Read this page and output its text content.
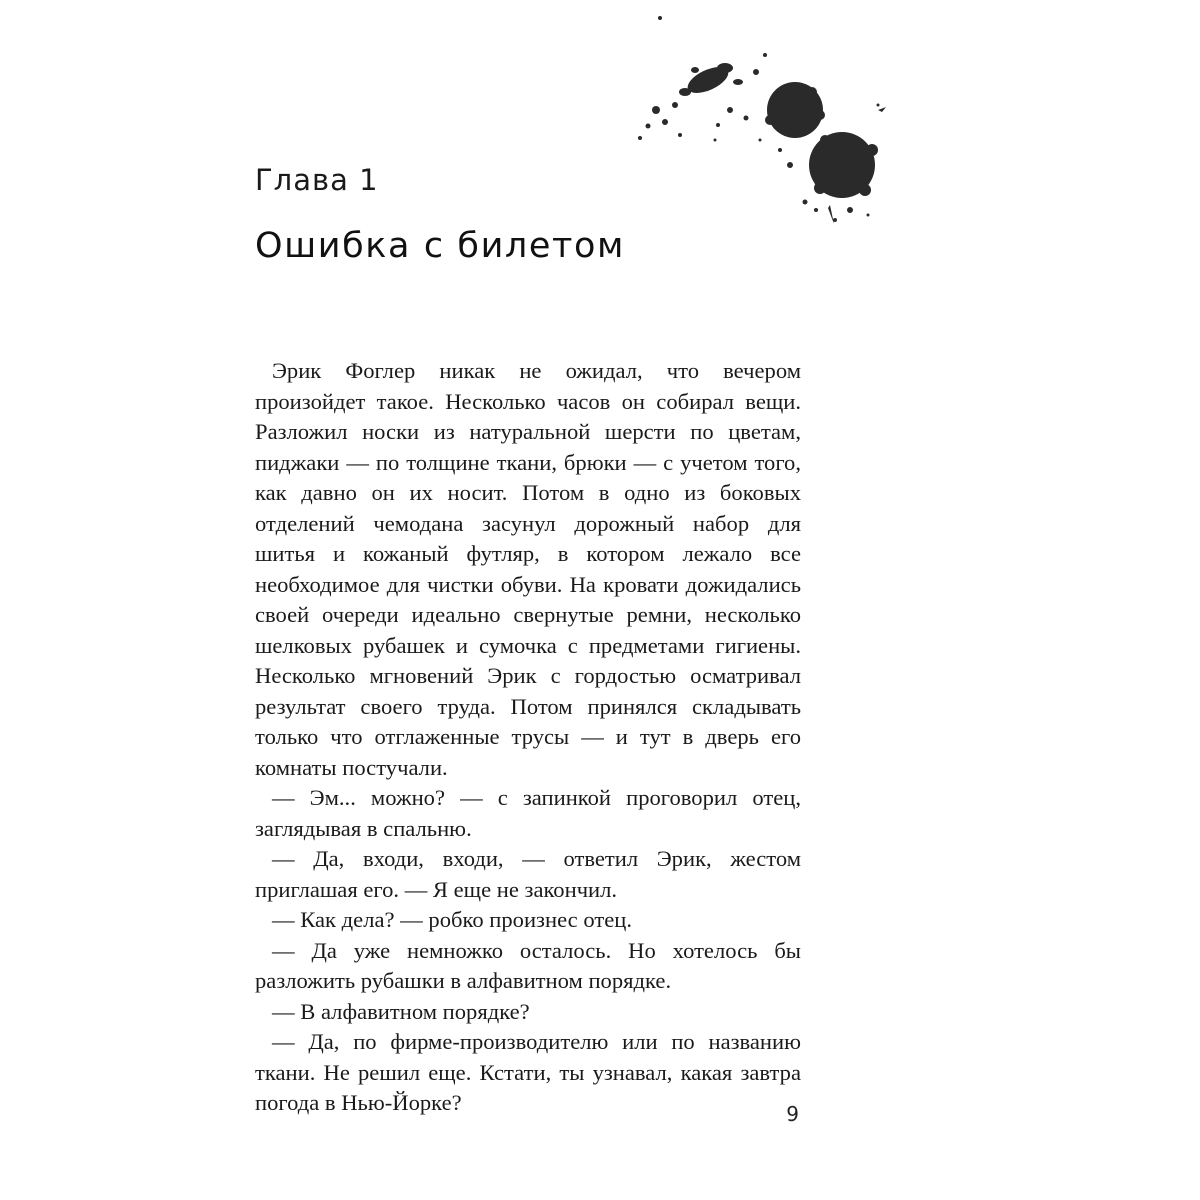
Глава 1
Ошибка с билетом

Эрик Фоглер никак не ожидал, что вечером произойдет такое. Несколько часов он собирал вещи. Разложил носки из натуральной шерсти по цветам, пиджаки — по толщине ткани, брюки — с учетом того, как давно он их носит. Потом в одно из боковых отделений чемодана засунул дорожный набор для шитья и кожаный футляр, в котором лежало все необходимое для чистки обуви. На кровати дожидались своей очереди идеально свернутые ремни, несколько шелковых рубашек и сумочка с предметами гигиены. Несколько мгновений Эрик с гордостью осматривал результат своего труда. Потом принялся складывать только что отглаженные трусы — и тут в дверь его комнаты постучали.

— Эм... можно? — с запинкой проговорил отец, заглядывая в спальню.

— Да, входи, входи, — ответил Эрик, жестом приглашая его. — Я еще не закончил.

— Как дела? — робко произнес отец.

— Да уже немножко осталось. Но хотелось бы разложить рубашки в алфавитном порядке.

— В алфавитном порядке?

— Да, по фирме-производителю или по названию ткани. Не решил еще. Кстати, ты узнавал, какая завтра погода в Нью-Йорке?	9
